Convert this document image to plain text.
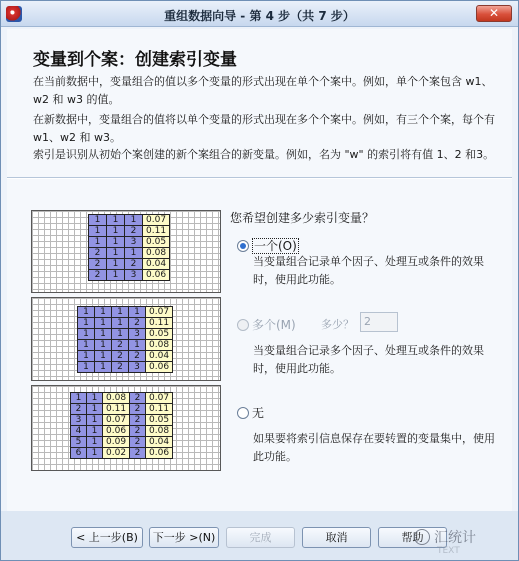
重组数据向导 - 第 4 步（共 7 步）	✕
变量到个案：创建索引变量
在当前数据中，变量组合的值以多个变量的形式出现在单个个案中。例如，单个个案包含 w1、w2 和 w3 的值。
在新数据中，变量组合的值将以单个变量的形式出现在多个个案中。例如，有三个个案，每个有 w1、w2 和 w3。
索引是识别从初始个案创建的新个案组合的新变量。例如，名为 "w" 的索引将有值 1、2 和3。
1	1	1	0.07
1	1	2	0.11
1	1	3	0.05
2	1	1	0.08
2	1	2	0.04
2	1	3	0.06
1	1	1	1	0.07
1	1	1	2	0.11
1	1	1	3	0.05
1	1	2	1	0.08
1	1	2	2	0.04
1	1	2	3	0.06
1	1	0.08	2	0.07
2	1	0.11	2	0.11
3	1	0.07	2	0.05
4	1	0.06	2	0.08
5	1	0.09	2	0.04
6	1	0.02	2	0.06
您希望创建多少索引变量？
一个(O)
当变量组合记录单个因子、处理互或条件的效果时，使用此功能。
多个(M) 多少？ 2
当变量组合记录多个因子、处理互或条件的效果时，使用此功能。
无
如果要将索引信息保存在要转置的变量集中，使用此功能。
< 上一步(B)	下一步 >(N)	完成	取消	帮助 汇统计
TEXT
